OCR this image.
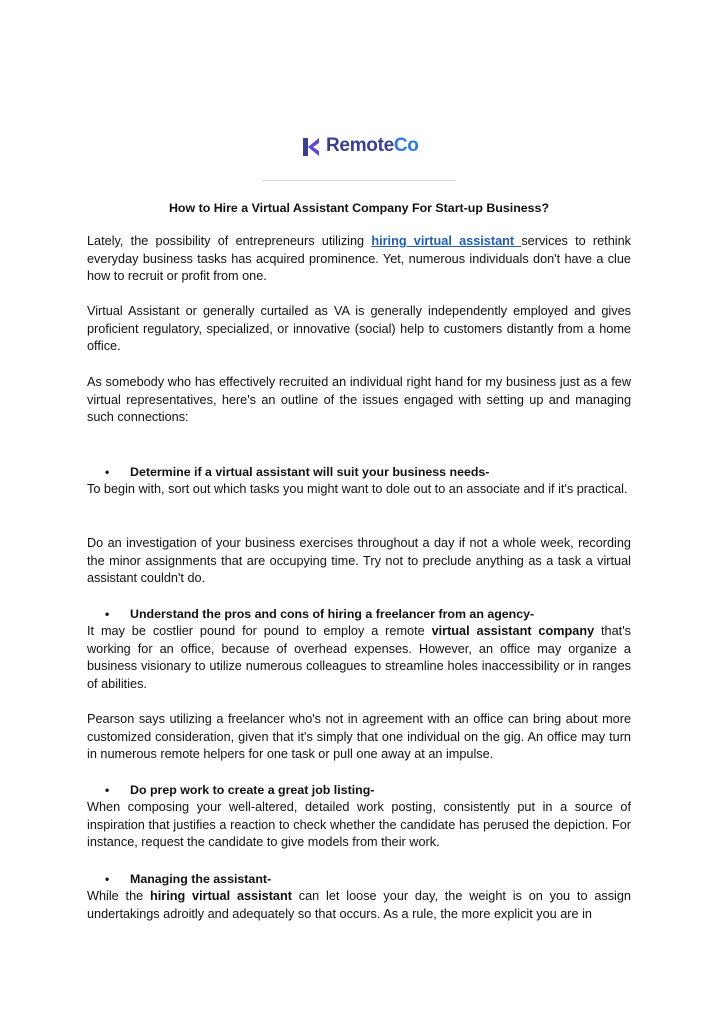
RemoteCo
How to Hire a Virtual Assistant Company For Start-up Business?

Lately, the possibility of entrepreneurs utilizing hiring virtual assistant services to rethink everyday business tasks has acquired prominence. Yet, numerous individuals don't have a clue how to recruit or profit from one.

Virtual Assistant or generally curtailed as VA is generally independently employed and gives proficient regulatory, specialized, or innovative (social) help to customers distantly from a home office.

As somebody who has effectively recruited an individual right hand for my business just as a few virtual representatives, here's an outline of the issues engaged with setting up and managing such connections:

• Determine if a virtual assistant will suit your business needs-

To begin with, sort out which tasks you might want to dole out to an associate and if it's practical.

Do an investigation of your business exercises throughout a day if not a whole week, recording the minor assignments that are occupying time. Try not to preclude anything as a task a virtual assistant couldn't do.

• Understand the pros and cons of hiring a freelancer from an agency-

It may be costlier pound for pound to employ a remote virtual assistant company that's working for an office, because of overhead expenses. However, an office may organize a business visionary to utilize numerous colleagues to streamline holes inaccessibility or in ranges of abilities.

Pearson says utilizing a freelancer who's not in agreement with an office can bring about more customized consideration, given that it's simply that one individual on the gig. An office may turn in numerous remote helpers for one task or pull one away at an impulse.

• Do prep work to create a great job listing-

When composing your well-altered, detailed work posting, consistently put in a source of inspiration that justifies a reaction to check whether the candidate has perused the depiction. For instance, request the candidate to give models from their work.

• Managing the assistant-

While the hiring virtual assistant can let loose your day, the weight is on you to assign undertakings adroitly and adequately so that occurs. As a rule, the more explicit you are in
